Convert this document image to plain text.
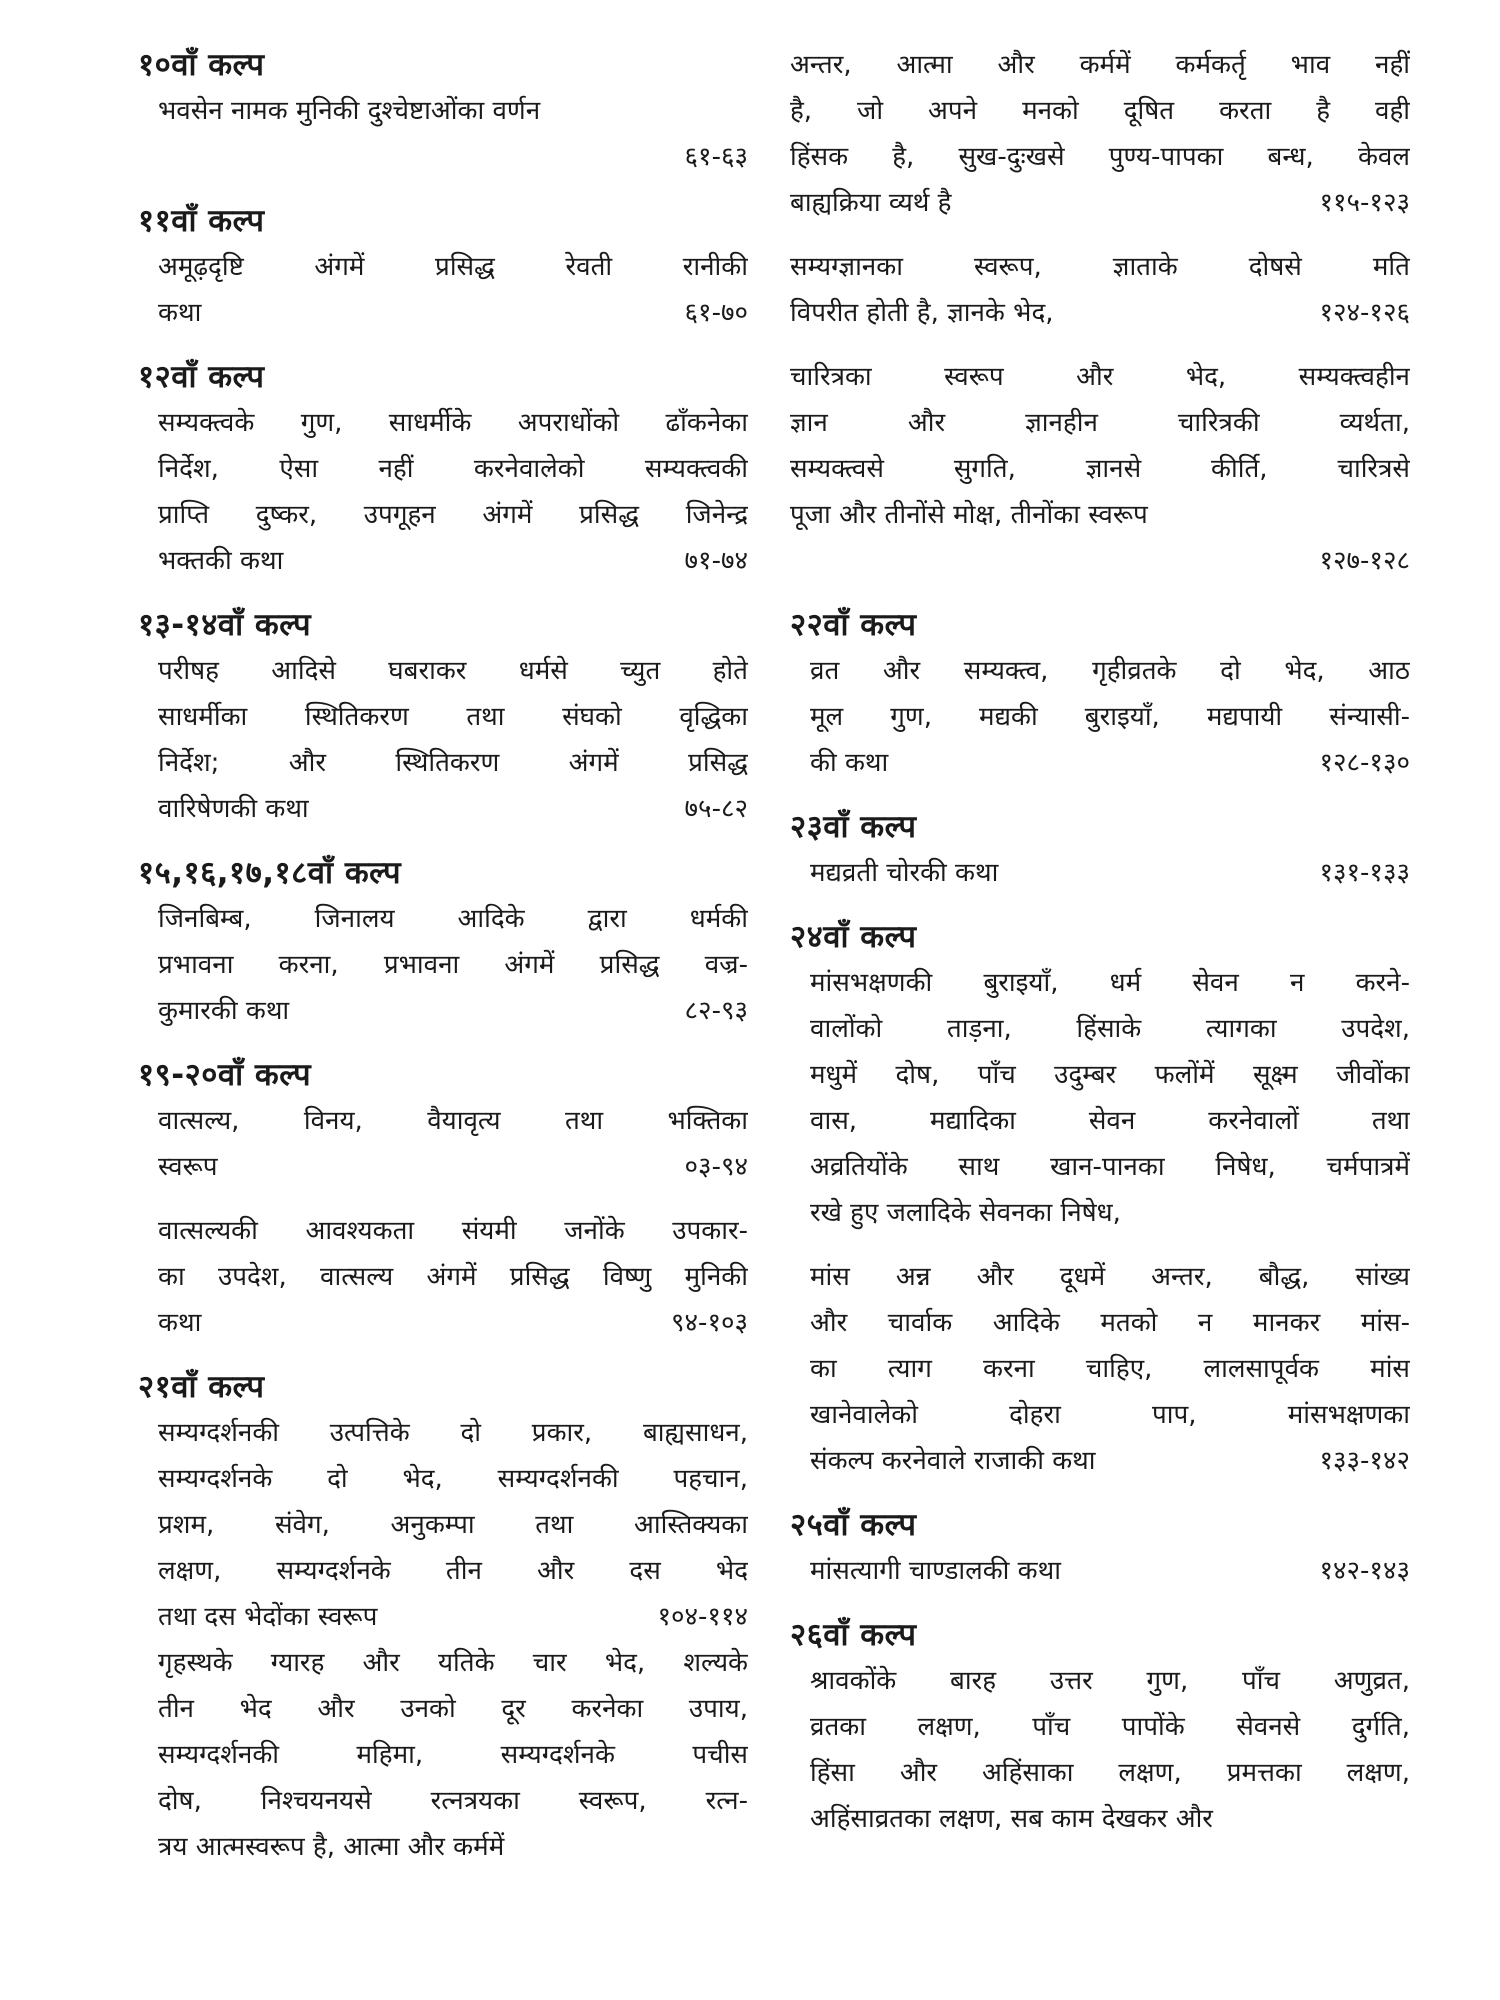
१०वाँ कल्प
भवसेन नामक मुनिकी दुश्चेष्टाओंका वर्णन
६१-६३
११वाँ कल्प
अमूढ़दृष्टि अंगमें प्रसिद्ध रेवती रानीकी
कथा	६१-७०
१२वाँ कल्प
सम्यक्त्वके गुण, साधर्मीके अपराधोंको ढाँकनेका
निर्देश, ऐसा नहीं करनेवालेको सम्यक्त्वकी
प्राप्ति दुष्कर, उपगूहन अंगमें प्रसिद्ध जिनेन्द्र
भक्तकी कथा	७१-७४
१३-१४वाँ कल्प
परीषह आदिसे घबराकर धर्मसे च्युत होते
साधर्मीका स्थितिकरण तथा संघको वृद्धिका
निर्देश; और स्थितिकरण अंगमें प्रसिद्ध
वारिषेणकी कथा	७५-८२
१५,१६,१७,१८वाँ कल्प
जिनबिम्ब, जिनालय आदिके द्वारा धर्मकी
प्रभावना करना, प्रभावना अंगमें प्रसिद्ध वज्र-
कुमारकी कथा	८२-९३
१९-२०वाँ कल्प
वात्सल्य, विनय, वैयावृत्य तथा भक्तिका
स्वरूप	०३-९४
वात्सल्यकी आवश्यकता संयमी जनोंके उपकार-
का उपदेश, वात्सल्य अंगमें प्रसिद्ध विष्णु मुनिकी
कथा	९४-१०३
२१वाँ कल्प
सम्यग्दर्शनकी उत्पत्तिके दो प्रकार, बाह्यसाधन,
सम्यग्दर्शनके दो भेद, सम्यग्दर्शनकी पहचान,
प्रशम, संवेग, अनुकम्पा तथा आस्तिक्यका
लक्षण, सम्यग्दर्शनके तीन और दस भेद
तथा दस भेदोंका स्वरूप	१०४-११४
गृहस्थके ग्यारह और यतिके चार भेद, शल्यके
तीन भेद और उनको दूर करनेका उपाय,
सम्यग्दर्शनकी महिमा, सम्यग्दर्शनके पचीस
दोष, निश्चयनयसे रत्नत्रयका स्वरूप, रत्न-
त्रय आत्मस्वरूप है, आत्मा और कर्ममें
अन्तर, आत्मा और कर्ममें कर्मकर्तृ भाव नहीं
है, जो अपने मनको दूषित करता है वही
हिंसक है, सुख-दुःखसे पुण्य-पापका बन्ध, केवल
बाह्यक्रिया व्यर्थ है	११५-१२३
सम्यग्ज्ञानका स्वरूप, ज्ञाताके दोषसे मति
विपरीत होती है, ज्ञानके भेद,	१२४-१२६
चारित्रका स्वरूप और भेद, सम्यक्त्वहीन
ज्ञान और ज्ञानहीन चारित्रकी व्यर्थता,
सम्यक्त्वसे सुगति, ज्ञानसे कीर्ति, चारित्रसे
पूजा और तीनोंसे मोक्ष, तीनोंका स्वरूप
१२७-१२८
२२वाँ कल्प
व्रत और सम्यक्त्व, गृहीव्रतके दो भेद, आठ
मूल गुण, मद्यकी बुराइयाँ, मद्यपायी संन्यासी-
की कथा	१२८-१३०
२३वाँ कल्प
मद्यव्रती चोरकी कथा	१३१-१३३
२४वाँ कल्प
मांसभक्षणकी बुराइयाँ, धर्म सेवन न करने-
वालोंको ताड़ना, हिंसाके त्यागका उपदेश,
मधुमें दोष, पाँच उदुम्बर फलोंमें सूक्ष्म जीवोंका
वास, मद्यादिका सेवन करनेवालों तथा
अव्रतियोंके साथ खान-पानका निषेध, चर्मपात्रमें
रखे हुए जलादिके सेवनका निषेध,
मांस अन्न और दूधमें अन्तर, बौद्ध, सांख्य
और चार्वाक आदिके मतको न मानकर मांस-
का त्याग करना चाहिए, लालसापूर्वक मांस
खानेवालेको दोहरा पाप, मांसभक्षणका
संकल्प करनेवाले राजाकी कथा	१३३-१४२
२५वाँ कल्प
मांसत्यागी चाण्डालकी कथा	१४२-१४३
२६वाँ कल्प
श्रावकोंके बारह उत्तर गुण, पाँच अणुव्रत,
व्रतका लक्षण, पाँच पापोंके सेवनसे दुर्गति,
हिंसा और अहिंसाका लक्षण, प्रमत्तका लक्षण,
अहिंसाव्रतका लक्षण, सब काम देखकर और
